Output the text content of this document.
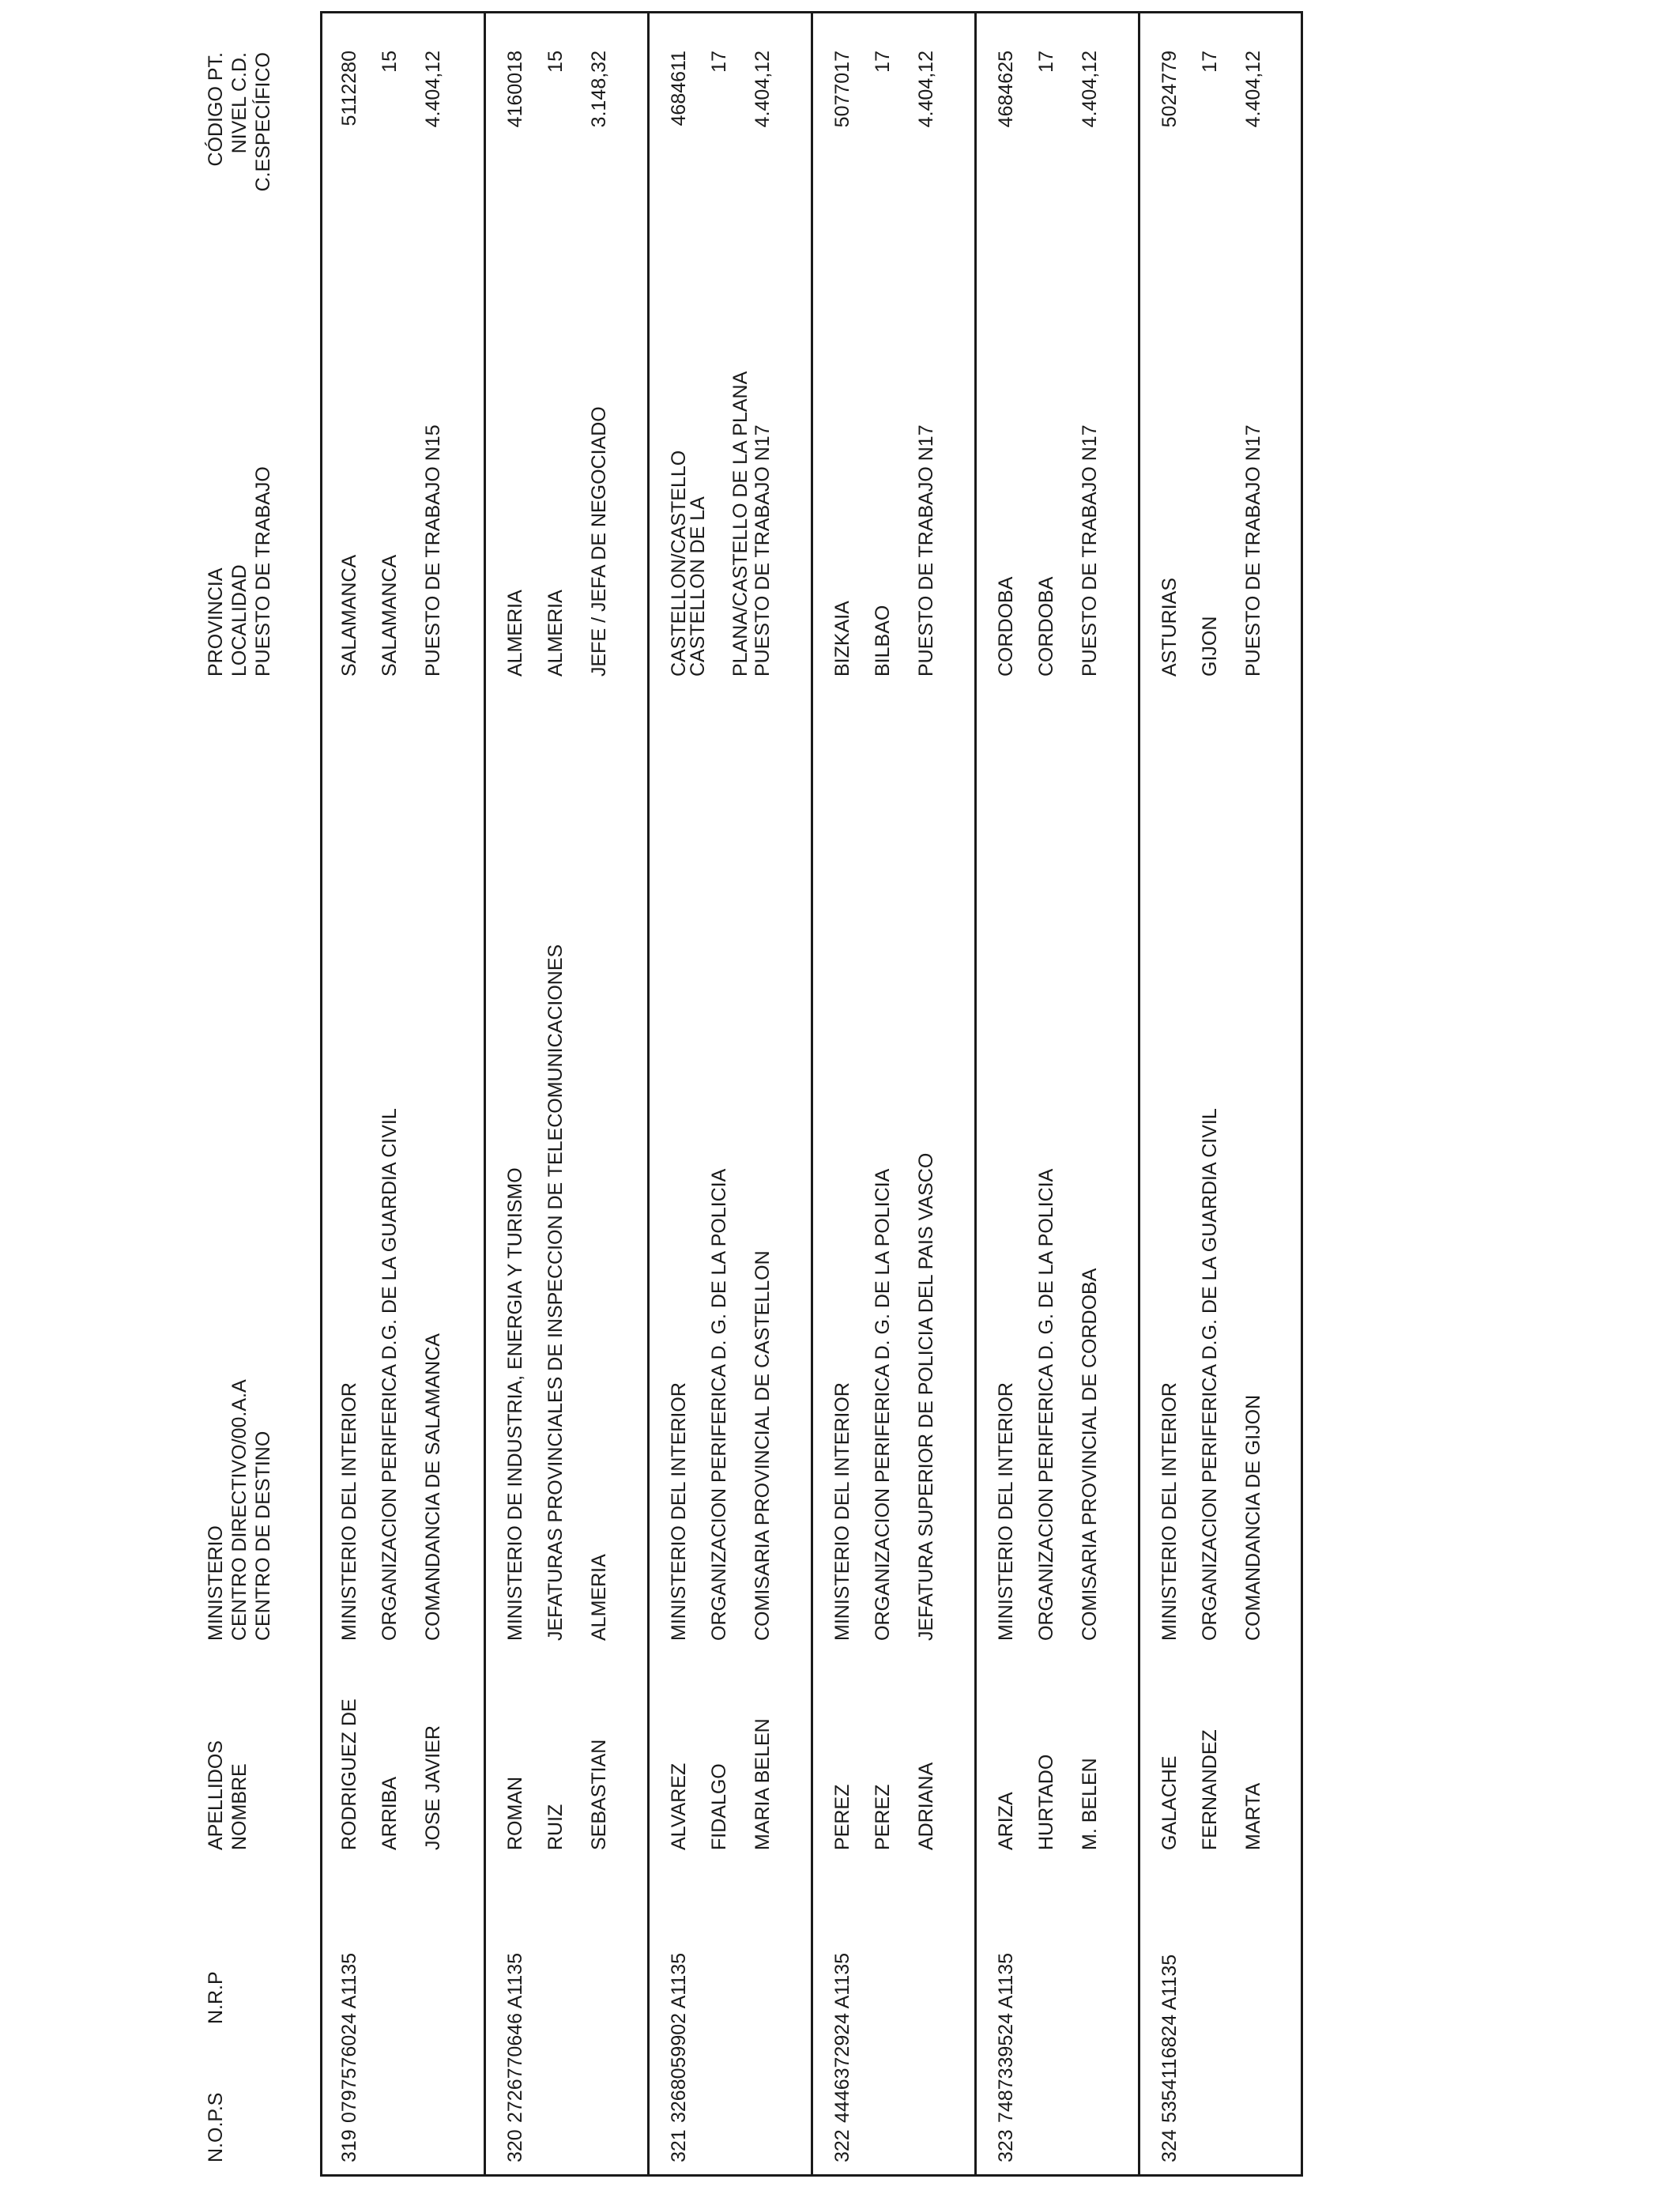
N.O.P.S
N.R.P
APELLIDOS NOMBRE
MINISTERIO CENTRO DIRECTIVO/00.A.A CENTRO DE DESTINO
PROVINCIA LOCALIDAD PUESTO DE TRABAJO
CÓDIGO PT. NIVEL C.D. C.ESPECÍFICO
319
0797576024 A1135
RODRIGUEZ DE ARRIBA JOSE JAVIER
MINISTERIO DEL INTERIOR ORGANIZACION PERIFERICA D.G. DE LA GUARDIA CIVIL COMANDANCIA DE SALAMANCA
SALAMANCA SALAMANCA PUESTO DE TRABAJO N15
5112280 15 4.404,12
320
2726770646 A1135
ROMAN RUIZ SEBASTIAN
MINISTERIO DE INDUSTRIA, ENERGIA Y TURISMO JEFATURAS PROVINCIALES DE INSPECCION DE TELECOMUNICACIONES ALMERIA
ALMERIA ALMERIA JEFE / JEFA DE NEGOCIADO
4160018 15 3.148,32
321
3268059902 A1135
ALVAREZ FIDALGO MARIA BELEN
MINISTERIO DEL INTERIOR ORGANIZACION PERIFERICA D. G. DE LA POLICIA COMISARIA PROVINCIAL DE CASTELLON
CASTELLON/CASTELLO
CASTELLON DE LA PLANA/CASTELLO DE LA PLANA PUESTO DE TRABAJO N17
4684611 17 4.404,12
322
4446372924 A1135
PEREZ PEREZ ADRIANA
MINISTERIO DEL INTERIOR ORGANIZACION PERIFERICA D. G. DE LA POLICIA JEFATURA SUPERIOR DE POLICIA DEL PAIS VASCO
BIZKAIA BILBAO PUESTO DE TRABAJO N17
5077017 17 4.404,12
323
7487339524 A1135
ARIZA HURTADO M. BELEN
MINISTERIO DEL INTERIOR ORGANIZACION PERIFERICA D. G. DE LA POLICIA COMISARIA PROVINCIAL DE CORDOBA
CORDOBA CORDOBA PUESTO DE TRABAJO N17
4684625 17 4.404,12
324
5354116824 A1135
GALACHE FERNANDEZ MARTA
MINISTERIO DEL INTERIOR ORGANIZACION PERIFERICA D.G. DE LA GUARDIA CIVIL COMANDANCIA DE GIJON
ASTURIAS GIJON PUESTO DE TRABAJO N17
5024779 17 4.404,12
